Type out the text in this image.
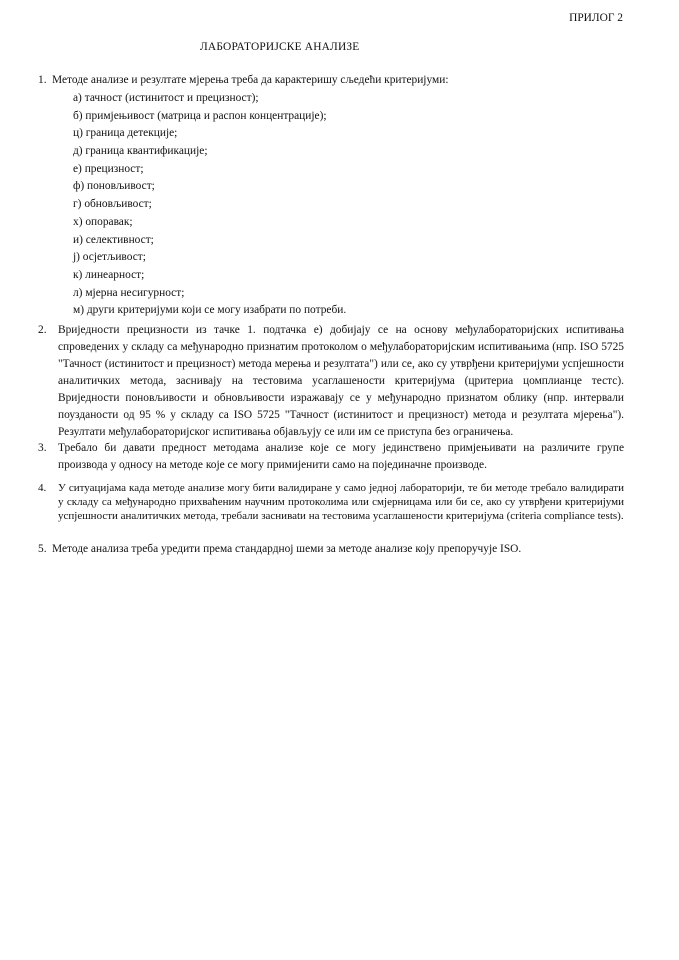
ПРИЛОГ 2
ЛАБОРАТОРИЈСКЕ АНАЛИЗЕ
1. Методе анализе и резултате мјерења треба да карактеришу сљедећи критеријуми:
а) тачност (истинитост и прецизност);
б) примјењивост (матрица и распон концентрације);
ц) граница детекције;
д) граница квантификације;
е) прецизност;
ф) поновљивост;
г) обновљивост;
х) опоравак;
и) селективност;
ј) осјетљивост;
к) линеарност;
л) мјерна несигурност;
м) други критеријуми који се могу изабрати по потреби.
2. Вриједности прецизности из тачке 1. подтачка е) добијају се на основу међулабораторијских испитивања спроведених у складу са међународно признатим протоколом о међулабораторијским испитивањима (нпр. ISO 5725 "Тачност (истинитост и прецизност) метода мерења и резултата") или се, ако су утврђени критеријуми успјешности аналитичких метода, засниваjу на тестовима усаглашености критеријума (цритериа цомплианце тестс). Вриједности поновљивости и обновљивости изражавају се у међународно признатом облику (нпр. интервали поузданости од 95 % у складу са ISO 5725 "Тачност (истинитост и прецизност) метода и резултата мјерења"). Резултати међулабораторијског испитивања објављују се или им се приступа без ограничења.
3. Требало би давати предност методама анализе које се могу јединствено примјењивати на различите групе производа у односу на методе које се могу примијенити само на појединачне производе.
4. У ситуацијама када методе анализе могу бити валидиране у само једној лабораторији, те би методе требало валидирати у складу са међународно прихваћеним научним протоколима или смјерницама или би се, ако су утврђени критеријуми успјешности аналитичких метода, требали засниваtи на тестовима усаглашености критеријума (criteria compliance tests).
5. Методе анализа треба уредити према стандардној шеми за методе анализе коју препоручује ISO.
